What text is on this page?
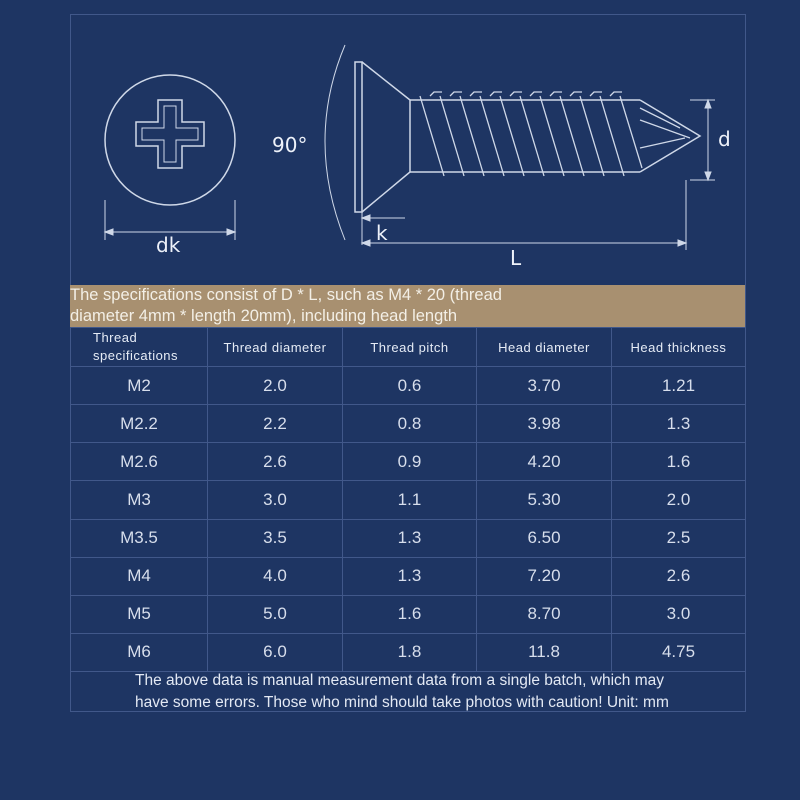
dk
90°	d
k
L
The specifications consist of D * L, such as M4 * 20 (thread
diameter 4mm * length 20mm), including head length
Thread
specifications	Thread diameter	Thread pitch	Head diameter	Head thickness
M2	2.0	0.6	3.70	1.21
M2.2	2.2	0.8	3.98	1.3
M2.6	2.6	0.9	4.20	1.6
M3	3.0	1.1	5.30	2.0
M3.5	3.5	1.3	6.50	2.5
M4	4.0	1.3	7.20	2.6
M5	5.0	1.6	8.70	3.0
M6	6.0	1.8	11.8	4.75
The above data is manual measurement data from a single batch, which may
have some errors. Those who mind should take photos with caution! Unit: mm
